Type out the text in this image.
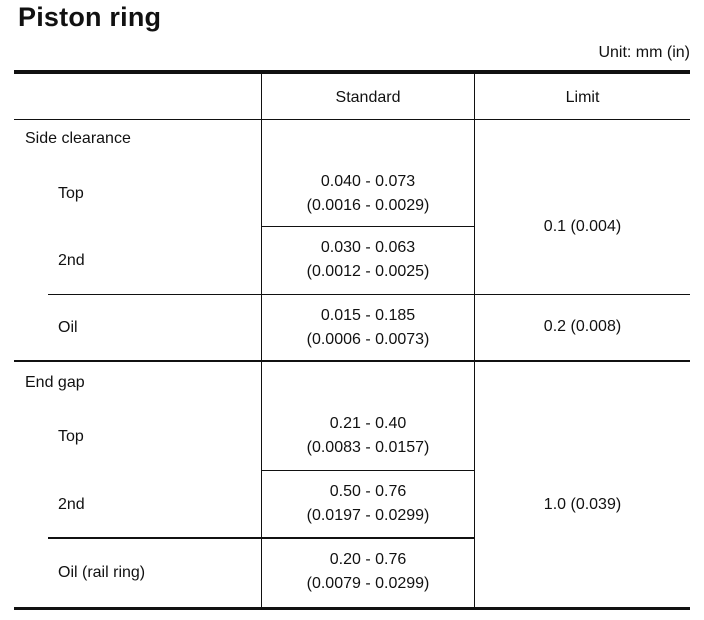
Piston ring
Unit: mm (in)
Standard	Limit
Side clearance
Top
0.040 - 0.073
(0.0016 - 0.0029)
2nd
0.030 - 0.063
(0.0012 - 0.0025)
0.1 (0.004)
Oil
0.015 - 0.185
(0.0006 - 0.0073)
0.2 (0.008)
End gap
Top
0.21 - 0.40
(0.0083 - 0.0157)
2nd
0.50 - 0.76
(0.0197 - 0.0299)
1.0 (0.039)
Oil (rail ring)
0.20 - 0.76
(0.0079 - 0.0299)
